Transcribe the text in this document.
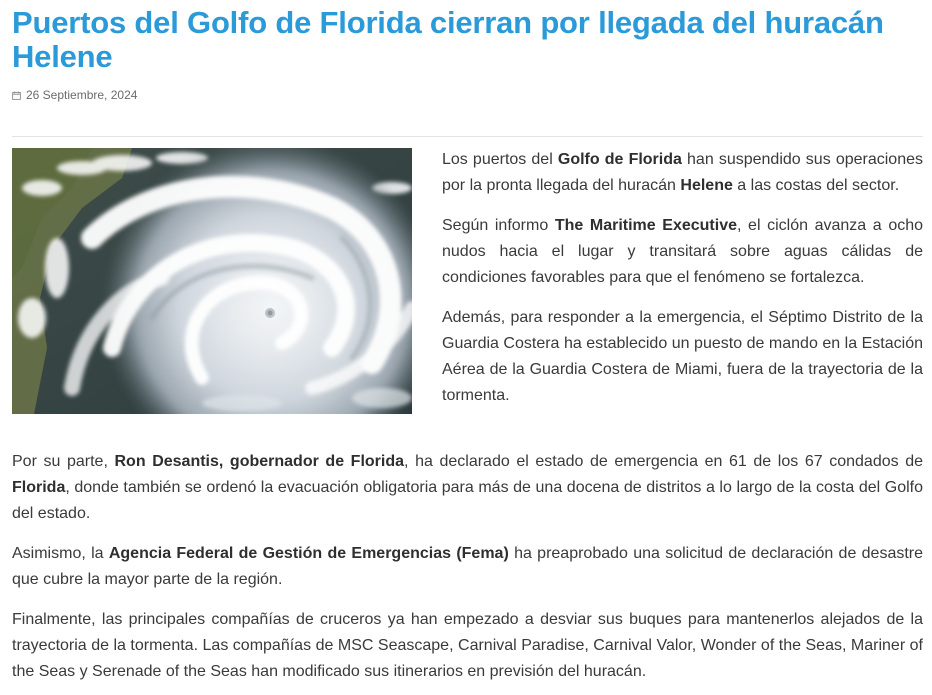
Puertos del Golfo de Florida cierran por llegada del huracán Helene
26 Septiembre, 2024

Los puertos del Golfo de Florida han suspendido sus operaciones por la pronta llegada del huracán Helene a las costas del sector.

Según informo The Maritime Executive, el ciclón avanza a ocho nudos hacia el lugar y transitará sobre aguas cálidas de condiciones favorables para que el fenómeno se fortalezca.

Además, para responder a la emergencia, el Séptimo Distrito de la Guardia Costera ha establecido un puesto de mando en la Estación Aérea de la Guardia Costera de Miami, fuera de la trayectoria de la tormenta.

Por su parte, Ron Desantis, gobernador de Florida, ha declarado el estado de emergencia en 61 de los 67 condados de Florida, donde también se ordenó la evacuación obligatoria para más de una docena de distritos a lo largo de la costa del Golfo del estado.

Asimismo, la Agencia Federal de Gestión de Emergencias (Fema) ha preaprobado una solicitud de declaración de desastre que cubre la mayor parte de la región.

Finalmente, las principales compañías de cruceros ya han empezado a desviar sus buques para mantenerlos alejados de la trayectoria de la tormenta. Las compañías de MSC Seascape, Carnival Paradise, Carnival Valor, Wonder of the Seas, Mariner of the Seas y Serenade of the Seas han modificado sus itinerarios en previsión del huracán.
